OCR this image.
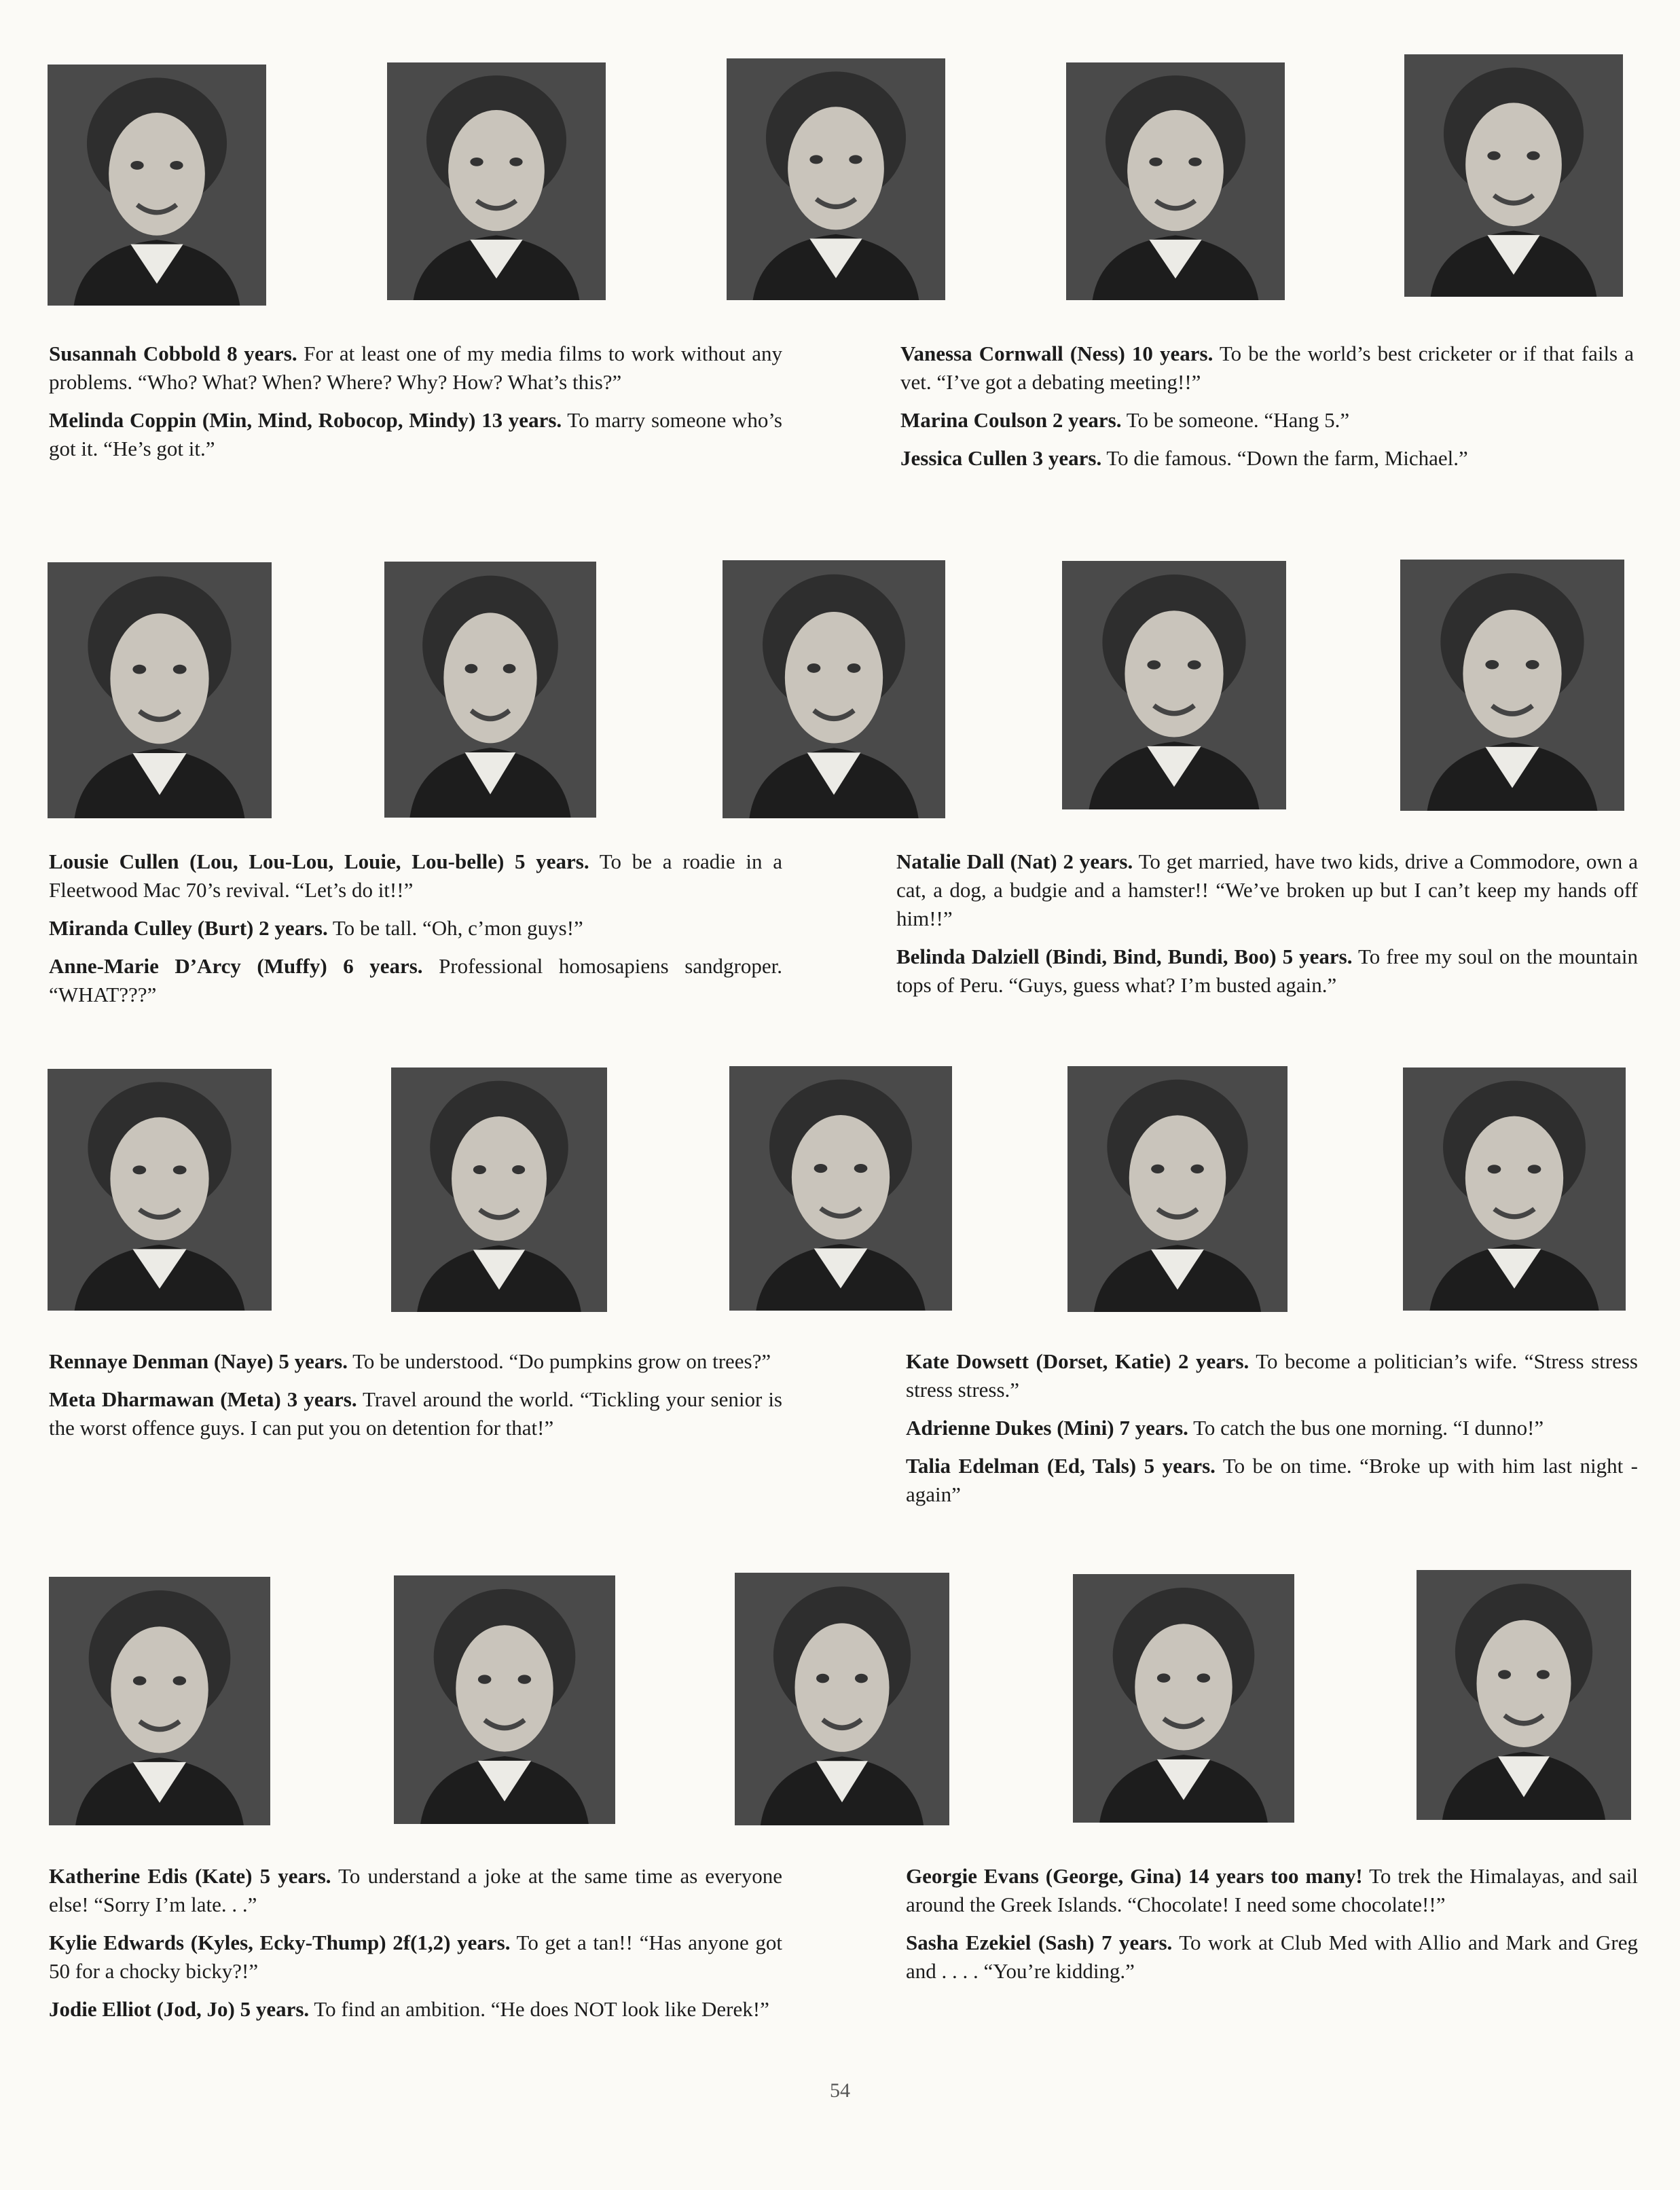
Susannah Cobbold 8 years. For at least one of my media films to work without any problems. “Who? What? When? Where? Why? How? What’s this?”

Melinda Coppin (Min, Mind, Robocop, Mindy) 13 years. To marry someone who’s got it. “He’s got it.”

Vanessa Cornwall (Ness) 10 years. To be the world’s best cricketer or if that fails a vet. “I’ve got a debating meeting!!”

Marina Coulson 2 years. To be someone. “Hang 5.”

Jessica Cullen 3 years. To die famous. “Down the farm, Michael.”

Lousie Cullen (Lou, Lou-Lou, Louie, Lou-belle) 5 years. To be a roadie in a Fleetwood Mac 70’s revival. “Let’s do it!!”

Miranda Culley (Burt) 2 years. To be tall. “Oh, c’mon guys!”

Anne-Marie D’Arcy (Muffy) 6 years. Professional homosapiens sandgroper. “WHAT???”

Natalie Dall (Nat) 2 years. To get married, have two kids, drive a Commodore, own a cat, a dog, a budgie and a hamster!! “We’ve broken up but I can’t keep my hands off him!!”

Belinda Dalziell (Bindi, Bind, Bundi, Boo) 5 years. To free my soul on the mountain tops of Peru. “Guys, guess what? I’m busted again.”

Rennaye Denman (Naye) 5 years. To be understood. “Do pumpkins grow on trees?”

Meta Dharmawan (Meta) 3 years. Travel around the world. “Tickling your senior is the worst offence guys. I can put you on detention for that!”

Kate Dowsett (Dorset, Katie) 2 years. To become a politician’s wife. “Stress stress stress stress.”

Adrienne Dukes (Mini) 7 years. To catch the bus one morning. “I dunno!”

Talia Edelman (Ed, Tals) 5 years. To be on time. “Broke up with him last night - again”

Katherine Edis (Kate) 5 years. To understand a joke at the same time as everyone else! “Sorry I’m late. . .”

Kylie Edwards (Kyles, Ecky-Thump) 2f(1,2) years. To get a tan!! “Has anyone got 50 for a chocky bicky?!”

Jodie Elliot (Jod, Jo) 5 years. To find an ambition. “He does NOT look like Derek!”

Georgie Evans (George, Gina) 14 years too many! To trek the Himalayas, and sail around the Greek Islands. “Chocolate! I need some chocolate!!”

Sasha Ezekiel (Sash) 7 years. To work at Club Med with Allio and Mark and Greg and . . . . “You’re kidding.”

54
